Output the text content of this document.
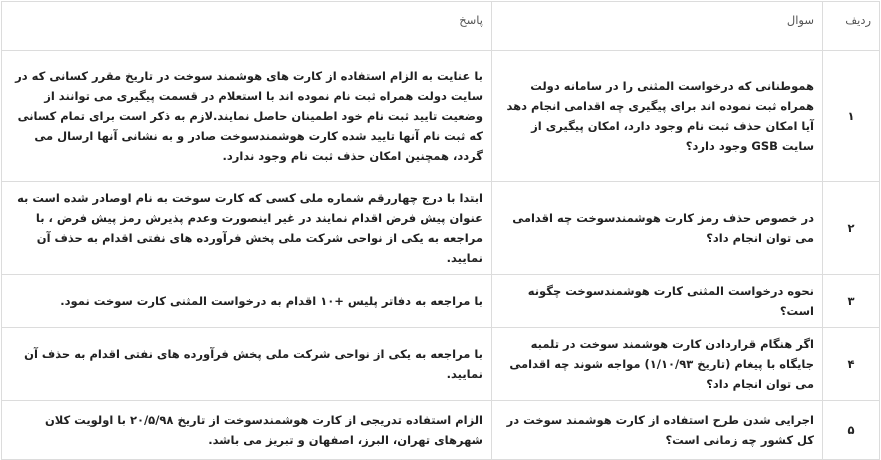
ردیف	سوال	پاسخ
۱	هموطنانی که درخواست المثنی را در سامانه دولت همراه ثبت نموده اند برای پیگیری چه اقدامی انجام دهد آیا امکان حذف ثبت نام وجود دارد، امکان پیگیری از سایت GSB وجود دارد؟	با عنایت به الزام استفاده از کارت های هوشمند سوخت در تاریخ مقرر کسانی که در سایت دولت همراه ثبت نام نموده اند با استعلام در قسمت پیگیری می توانند از وضعیت تایید ثبت نام خود اطمینان حاصل نمایند.لازم به ذکر است برای تمام کسانی که ثبت نام آنها تایید شده کارت هوشمندسوخت صادر و به نشانی آنها ارسال می گردد، همچنین امکان حذف ثبت نام وجود ندارد.
۲	در خصوص حذف رمز کارت هوشمندسوخت چه اقدامی می توان انجام داد؟	ابتدا با درج چهاررقم شماره ملی کسی که کارت سوخت به نام اوصادر شده است به عنوان پیش فرض اقدام نمایند در غیر اینصورت وعدم پذیرش رمز پیش فرض ، با مراجعه به یکی از نواحی شرکت ملی پخش فرآورده های نفتی اقدام به حذف آن نمایید.
۳	نحوه درخواست المثنی کارت هوشمندسوخت چگونه است؟	با مراجعه به دفاتر پلیس +۱۰ اقدام به درخواست المثنی کارت سوخت نمود.
۴	اگر هنگام قراردادن کارت هوشمند سوخت در تلمبه جایگاه با پیغام (تاریخ ۱/۱۰/۹۳) مواجه شوند چه اقدامی می توان انجام داد؟	با مراجعه به یکی از نواحی شرکت ملی پخش فرآورده های نفتی اقدام به حذف آن نمایید.
۵	اجرایی شدن طرح استفاده از کارت هوشمند سوخت در کل کشور چه زمانی است؟	الزام استفاده تدریجی از کارت هوشمندسوخت از تاریخ ۲۰/۵/۹۸ با اولویت کلان شهرهای تهران، البرز، اصفهان و تبریز می باشد.
